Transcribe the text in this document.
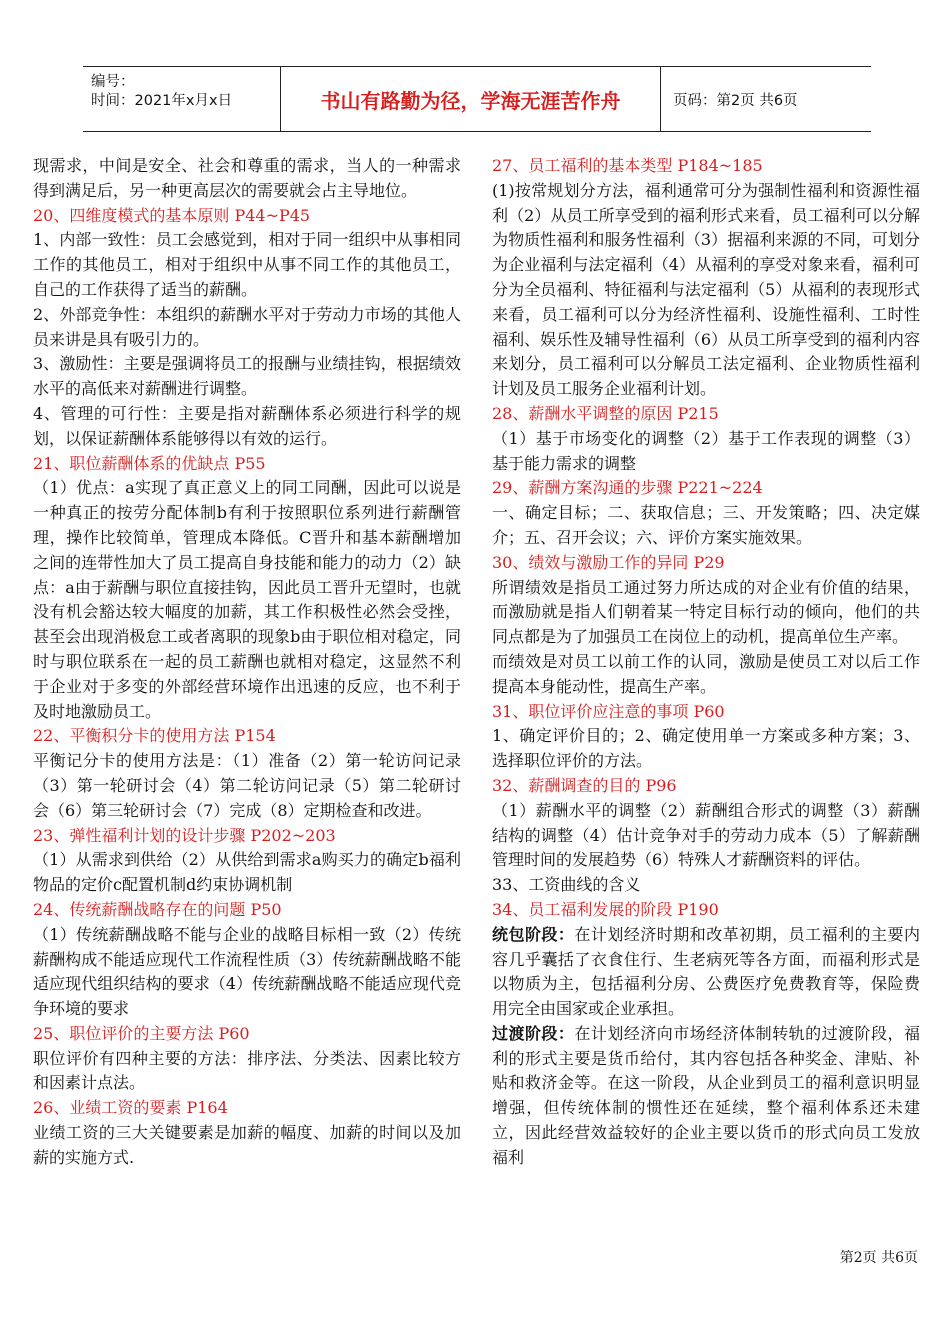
编号：
时间：2021年x月x日	书山有路勤为径，学海无涯苦作舟	页码：第2页 共6页
现需求，中间是安全、社会和尊重的需求，当人的一种需求得到满足后，另一种更高层次的需要就会占主导地位。
20、四维度模式的基本原则 P44~P45
1、内部一致性：员工会感觉到，相对于同一组织中从事相同工作的其他员工，相对于组织中从事不同工作的其他员工，自己的工作获得了适当的薪酬。
2、外部竞争性：本组织的薪酬水平对于劳动力市场的其他人员来讲是具有吸引力的。
3、激励性：主要是强调将员工的报酬与业绩挂钩，根据绩效水平的高低来对薪酬进行调整。
4、管理的可行性：主要是指对薪酬体系必须进行科学的规划，以保证薪酬体系能够得以有效的运行。
21、职位薪酬体系的优缺点 P55
（1）优点：a实现了真正意义上的同工同酬，因此可以说是一种真正的按劳分配体制b有利于按照职位系列进行薪酬管理，操作比较简单，管理成本降低。C晋升和基本薪酬增加之间的连带性加大了员工提高自身技能和能力的动力（2）缺点：a由于薪酬与职位直接挂钩，因此员工晋升无望时，也就没有机会豁达较大幅度的加薪，其工作积极性必然会受挫，甚至会出现消极怠工或者离职的现象b由于职位相对稳定，同时与职位联系在一起的员工薪酬也就相对稳定，这显然不利于企业对于多变的外部经营环境作出迅速的反应，也不利于及时地激励员工。
22、平衡积分卡的使用方法 P154
平衡记分卡的使用方法是：（1）准备（2）第一轮访问记录（3）第一轮研讨会（4）第二轮访问记录（5）第二轮研讨会（6）第三轮研讨会（7）完成（8）定期检查和改进。
23、弹性福利计划的设计步骤 P202~203
（1）从需求到供给（2）从供给到需求a购买力的确定b福利物品的定价c配置机制d约束协调机制
24、传统薪酬战略存在的问题 P50
（1）传统薪酬战略不能与企业的战略目标相一致（2）传统薪酬构成不能适应现代工作流程性质（3）传统薪酬战略不能适应现代组织结构的要求（4）传统薪酬战略不能适应现代竞争环境的要求
25、职位评价的主要方法 P60
职位评价有四种主要的方法：排序法、分类法、因素比较方和因素计点法。
26、业绩工资的要素 P164
业绩工资的三大关键要素是加薪的幅度、加薪的时间以及加薪的实施方式.
27、员工福利的基本类型 P184~185
(1)按常规划分方法，福利通常可分为强制性福利和资源性福利（2）从员工所享受到的福利形式来看，员工福利可以分解为物质性福利和服务性福利（3）据福利来源的不同，可划分为企业福利与法定福利（4）从福利的享受对象来看，福利可分为全员福利、特征福利与法定福利（5）从福利的表现形式来看，员工福利可以分为经济性福利、设施性福利、工时性福利、娱乐性及辅导性福利（6）从员工所享受到的福利内容来划分，员工福利可以分解员工法定福利、企业物质性福利计划及员工服务企业福利计划。
28、薪酬水平调整的原因 P215
（1）基于市场变化的调整（2）基于工作表现的调整（3）基于能力需求的调整
29、薪酬方案沟通的步骤 P221~224
一、确定目标；二、获取信息；三、开发策略；四、决定媒介；五、召开会议；六、评价方案实施效果。
30、绩效与激励工作的异同 P29
所谓绩效是指员工通过努力所达成的对企业有价值的结果，而激励就是指人们朝着某一特定目标行动的倾向，他们的共同点都是为了加强员工在岗位上的动机，提高单位生产率。
而绩效是对员工以前工作的认同，激励是使员工对以后工作提高本身能动性，提高生产率。
31、职位评价应注意的事项 P60
1、确定评价目的；2、确定使用单一方案或多种方案；3、选择职位评价的方法。
32、薪酬调查的目的 P96
（1）薪酬水平的调整（2）薪酬组合形式的调整（3）薪酬结构的调整（4）估计竞争对手的劳动力成本（5）了解薪酬管理时间的发展趋势（6）特殊人才薪酬资料的评估。
33、工资曲线的含义
34、员工福利发展的阶段 P190
统包阶段：在计划经济时期和改革初期，员工福利的主要内容几乎囊括了衣食住行、生老病死等各方面，而福利形式是以物质为主，包括福利分房、公费医疗免费教育等，保险费用完全由国家或企业承担。
过渡阶段：在计划经济向市场经济体制转轨的过渡阶段，福利的形式主要是货币给付，其内容包括各种奖金、津贴、补贴和救济金等。在这一阶段，从企业到员工的福利意识明显增强，但传统体制的惯性还在延续，整个福利体系还未建立，因此经营效益较好的企业主要以货币的形式向员工发放福利
第2页 共6页
